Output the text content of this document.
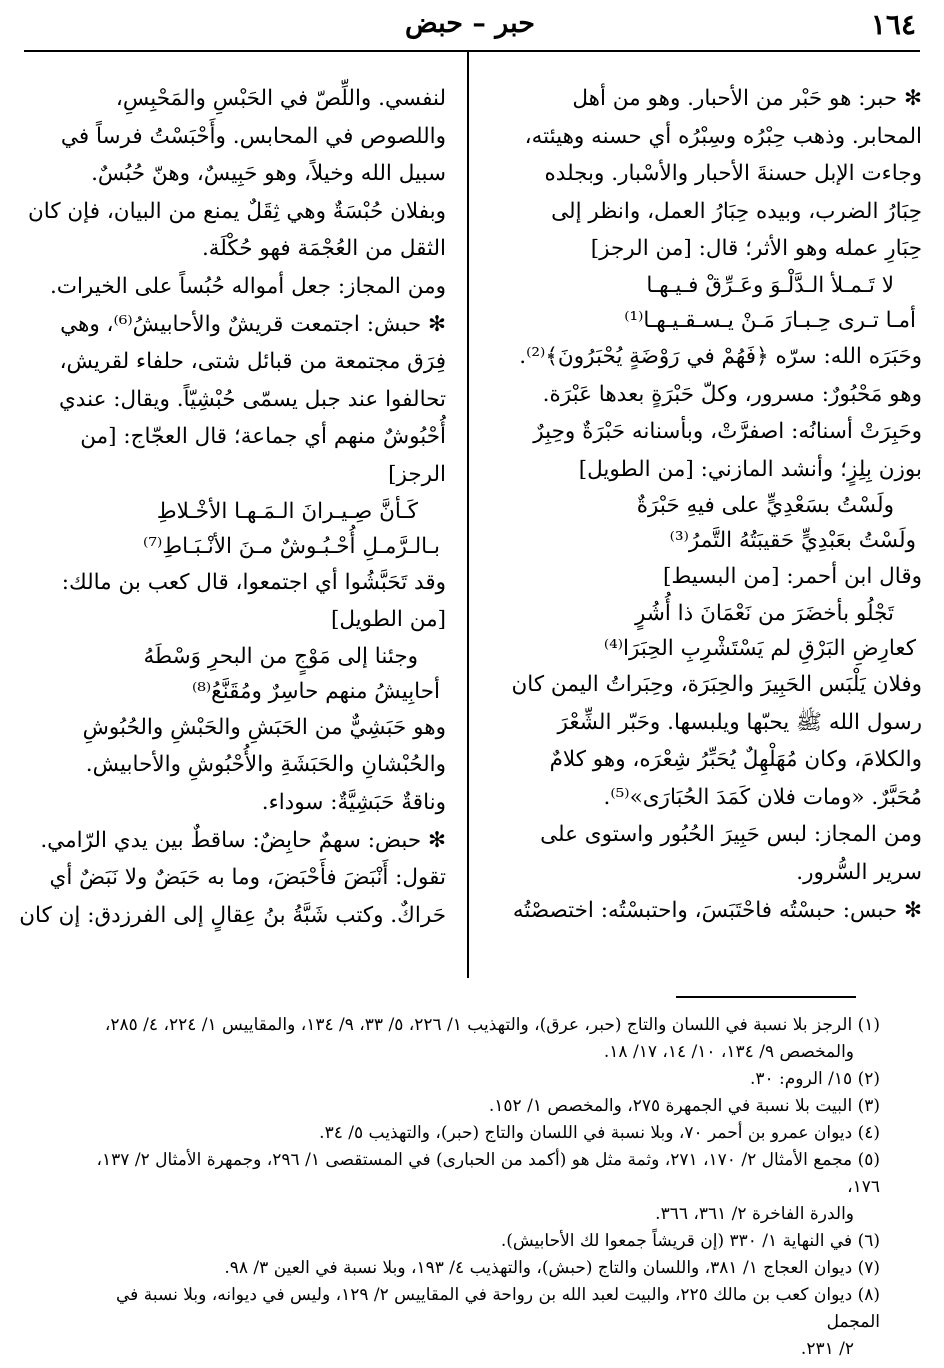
١٦٤
حبر – حبض

✻ حبر: هو حَبْر من الأحبار. وهو من أهل

المحابر. وذهب حِبْرُه وسِبْرُه أي حسنه وهيئته،

وجاءت الإبل حسنةَ الأحبار والأسْبار. وبجلده

حِبَارُ الضرب، وبيده حِبَارُ العمل، وانظر إلى

حِبَارِ عمله وهو الأثر؛ قال: [من الرجز]

لا تَـمـلأ الـدَّلْـوَ وعَـرِّقْ فـيـهـا

أمـا تـرى حِـبـارَ مَـنْ يـسـقـيـهـا⁽¹⁾

وحَبَرَه الله: سرّه ﴿فَهُمْ في رَوْضَةٍ يُحْبَرُونَ﴾⁽²⁾.

وهو مَحْبُورٌ: مسرور، وكلّ حَبْرَةٍ بعدها عَبْرَة.

وحَبِرَتْ أسنانُه: اصفرَّتْ، وبأسنانه حَبْرَةٌ وحِبِرٌ

بوزن بِلِزٍ؛ وأنشد المازني: [من الطويل]

ولَسْتُ بسَعْدِيٍّ على فيهِ حَبْرَةٌ

ولَسْتُ بعَبْدِيٍّ حَقيبَتُهُ التَّمرُ⁽³⁾

وقال ابن أحمر: [من البسيط]

تَجْلُو بأخضَرَ من نَعْمَانَ ذا أُشُرٍ

كعارِضِ البَرْقِ لم يَسْتَشْرِبِ الحِبَرَا⁽⁴⁾

وفلان يَلْبَس الحَبِيرَ والحِبَرَة، وحِبَراتُ اليمن كان

رسول الله ﷺ يحبّها ويلبسها. وحَبّر الشِّعْرَ

والكلامَ، وكان مُهَلْهِلٌ يُحَبِّرُ شِعْرَه، وهو كلامٌ

مُحَبَّرٌ. «ومات فلان كَمَدَ الحُبَارَى»⁽⁵⁾.

ومن المجاز: لبس حَبِيرَ الحُبُور واستوى على

سرير السُّرور.

✻ حبس: حبسْتُه فاحْتَبَسَ، واحتبسْتُه: اختصصْتُه

لنفسي. واللِّصّ في الحَبْسِ والمَحْبِسِ،

واللصوص في المحابس. وأَحْبَسْتُ فرساً في

سبيل الله وخيلاً، وهو حَبِيسٌ، وهنّ حُبُسٌ.

وبفلان حُبْسَةٌ وهي ثِقَلٌ يمنع من البيان، فإن كان

الثقل من العُجْمَة فهو حُكْلَة.

ومن المجاز: جعل أمواله حُبُساً على الخيرات.

✻ حبش: اجتمعت قريشٌ والأحابيشُ⁽⁶⁾، وهي

فِرَق مجتمعة من قبائل شتى، حلفاء لقريش،

تحالفوا عند جبل يسمّى حُبْشِيّاً. ويقال: عندي

أُحْبُوشٌ منهم أي جماعة؛ قال العجّاج: [من

الرجز]

كَـأنَّ صِـيـرانَ الـمَـهـا الأخْـلاطِ

بـالـرَّمـلِ أُحْـبُـوشٌ مـنَ الأنْـبَـاطِ⁽⁷⁾

وقد تَحَبَّشُوا أي اجتمعوا، قال كعب بن مالك:

[من الطويل]

وجئنا إلى مَوْجٍ من البحرِ وَسْطَهُ

أحابِيشُ منهم حاسِرٌ ومُقَنَّعُ⁽⁸⁾

وهو حَبَشِيٌّ من الحَبَشِ والحَبْشِ والحُبُوشِ

والحُبْشانِ والحَبَشَةِ والأُحْبُوشِ والأحابيش.

وناقةٌ حَبَشِيَّةٌ: سوداء.

✻ حبض: سهمٌ حابِضٌ: ساقطٌ بين يدي الرّامي.

تقول: أَنْبَضَ فأَحْبَضَ، وما به حَبَضٌ ولا نَبَضٌ أي

حَراكٌ. وكتب شَبَّةُ بنُ عِقالٍ إلى الفرزدق: إن كان

(١) الرجز بلا نسبة في اللسان والتاج (حبر، عرق)، والتهذيب ١/ ٢٢٦، ٥/ ٣٣، ٩/ ١٣٤، والمقاييس ١/ ٢٢٤، ٤/ ٢٨٥،

والمخصص ٩/ ١٣٤، ١٠/ ١٤، ١٧/ ١٨.

(٢) ١٥/ الروم: ٣٠.

(٣) البيت بلا نسبة في الجمهرة ٢٧٥، والمخصص ١/ ١٥٢.

(٤) ديوان عمرو بن أحمر ٧٠، وبلا نسبة في اللسان والتاج (حبر)، والتهذيب ٥/ ٣٤.

(٥) مجمع الأمثال ٢/ ١٧٠، ٢٧١، وثمة مثل هو (أكمد من الحبارى) في المستقصى ١/ ٢٩٦، وجمهرة الأمثال ٢/ ١٣٧، ١٧٦،

والدرة الفاخرة ٢/ ٣٦١، ٣٦٦.

(٦) في النهاية ١/ ٣٣٠ (إن قريشاً جمعوا لك الأحابيش).

(٧) ديوان العجاج ١/ ٣٨١، واللسان والتاج (حبش)، والتهذيب ٤/ ١٩٣، وبلا نسبة في العين ٣/ ٩٨.

(٨) ديوان كعب بن مالك ٢٢٥، والبيت لعبد الله بن رواحة في المقاييس ٢/ ١٢٩، وليس في ديوانه، وبلا نسبة في المجمل

٢/ ٢٣١.
